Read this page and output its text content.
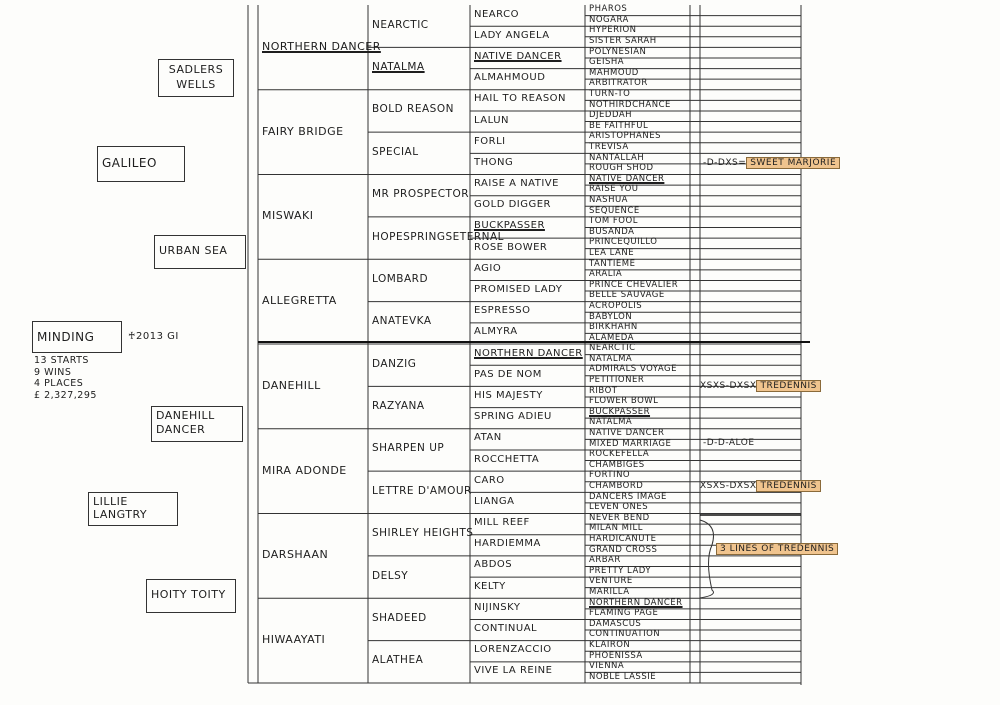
MINDING	♰2013 GI
13 STARTS
9 WINS
4 PLACES
£ 2,327,295
GALILEO
LILLIE LANGTRY
SADLERS WELLS
URBAN SEA
DANEHILL DANCER
HOITY TOITY
NORTHERN DANCER
FAIRY BRIDGE
MISWAKI
ALLEGRETTA
DANEHILL
MIRA ADONDE
DARSHAAN
HIWAAYATI
NEARCTIC
NATALMA
BOLD REASON
SPECIAL
MR PROSPECTOR
HOPESPRINGSETERNAL
LOMBARD
ANATEVKA
DANZIG
RAZYANA
SHARPEN UP
LETTRE D'AMOUR
SHIRLEY HEIGHTS
DELSY
SHADEED
ALATHEA
NEARCO
LADY ANGELA
NATIVE DANCER
ALMAHMOUD
HAIL TO REASON
LALUN
FORLI
THONG
RAISE A NATIVE
GOLD DIGGER
BUCKPASSER
ROSE BOWER
AGIO
PROMISED LADY
ESPRESSO
ALMYRA
NORTHERN DANCER
PAS DE NOM
HIS MAJESTY
SPRING ADIEU
ATAN
ROCCHETTA
CARO
LIANGA
MILL REEF
HARDIEMMA
ABDOS
KELTY
NIJINSKY
CONTINUAL
LORENZACCIO
VIVE LA REINE
PHAROS
NOGARA
HYPERION
SISTER SARAH
POLYNESIAN
GEISHA
MAHMOUD
ARBITRATOR
TURN-TO
NOTHIRDCHANCE
DJEDDAH
BE FAITHFUL
ARISTOPHANES
TREVISA
NANTALLAH
ROUGH SHOD
NATIVE DANCER
RAISE YOU
NASHUA
SEQUENCE
TOM FOOL
BUSANDA
PRINCEQUILLO
LEA LANE
TANTIEME
ARALIA
PRINCE CHEVALIER
BELLE SAUVAGE
ACROPOLIS
BABYLON
BIRKHAHN
ALAMEDA
NEARCTIC
NATALMA
ADMIRALS VOYAGE
PETITIONER
RIBOT
FLOWER BOWL
BUCKPASSER
NATALMA
NATIVE DANCER
MIXED MARRIAGE
ROCKEFELLA
CHAMBIGES
FORTINO
CHAMBORD
DANCERS IMAGE
LEVEN ONES
NEVER BEND
MILAN MILL
HARDICANUTE
GRAND CROSS
ARBAR
PRETTY LADY
VENTURE
MARILLA
NORTHERN DANCER
FLAMING PAGE
DAMASCUS
CONTINUATION
KLAIRON
PHOENISSA
VIENNA
NOBLE LASSIE
-D-DXS= SWEET MARJORIE
XSXS-DXSX TREDENNIS
-D-D-ALOE
XSXS-DXSX TREDENNIS
3 LINES OF TREDENNIS
